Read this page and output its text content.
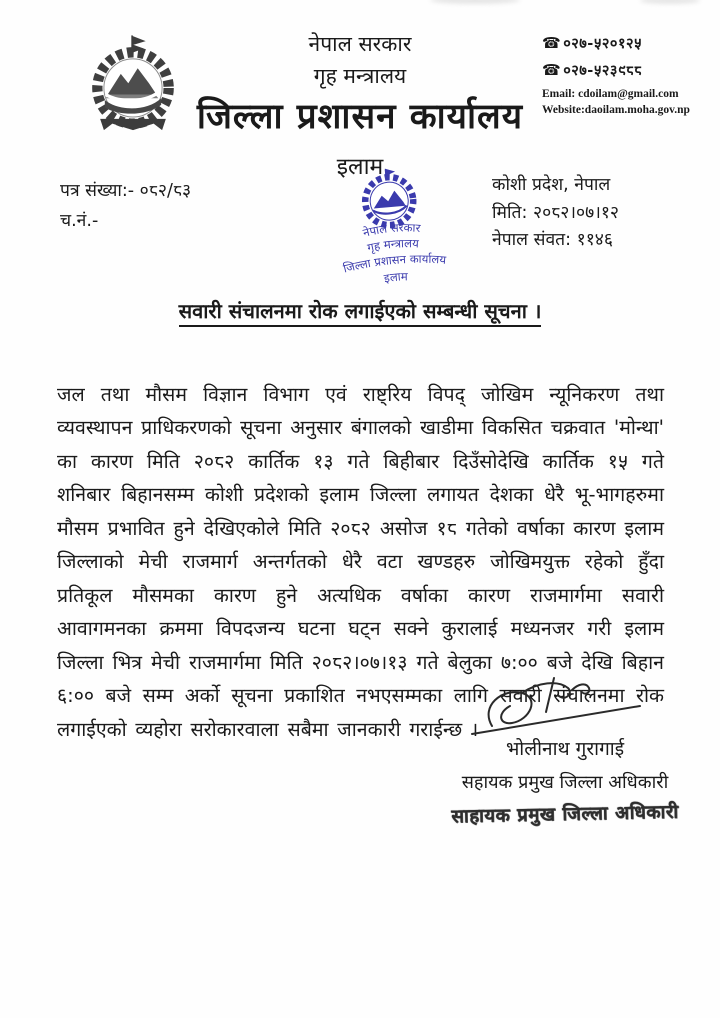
नेपाल सरकार
गृह मन्त्रालय
जिल्ला प्रशासन कार्यालय
इलाम
☎ ०२७-५२०१२५
☎ ०२७-५२३९८८
Email: cdoilam@gmail.com
Website:daoilam.moha.gov.np
पत्र संख्या:- ०८२/८३
च.नं.-
नेपाल सरकार
गृह मन्त्रालय
जिल्ला प्रशासन कार्यालय
इलाम
कोशी प्रदेश, नेपाल
मिति: २०८२।०७।१२
नेपाल संवत: ११४६
सवारी संचालनमा रोक लगाईएको सम्बन्धी सूचना ।

जल तथा मौसम विज्ञान विभाग एवं राष्ट्रिय विपद् जोखिम न्यूनिकरण तथा व्यवस्थापन प्राधिकरणको सूचना अनुसार बंगालको खाडीमा विकसित चक्रवात 'मोन्था' का कारण मिति २०८२ कार्तिक १३ गते बिहीबार दिउँसोदेखि कार्तिक १५ गते शनिबार बिहानसम्म कोशी प्रदेशको इलाम जिल्ला लगायत देशका धेरै भू-भागहरुमा मौसम प्रभावित हुने देखिएकोले मिति २०८२ असोज १८ गतेको वर्षाका कारण इलाम जिल्लाको मेची राजमार्ग अन्तर्गतको धेरै वटा खण्डहरु जोखिमयुक्त रहेको हुँदा प्रतिकूल मौसमका कारण हुने अत्यधिक वर्षाका कारण राजमार्गमा सवारी आवागमनका क्रममा विपदजन्य घटना घट्न सक्ने कुरालाई मध्यनजर गरी इलाम जिल्ला भित्र मेची राजमार्गमा मिति २०८२।०७।१३ गते बेलुका ७:०० बजे देखि बिहान ६:०० बजे सम्म अर्को सूचना प्रकाशित नभएसम्मका लागि सवारी संचालनमा रोक लगाईएको व्यहोरा सरोकारवाला सबैमा जानकारी गराईन्छ ।

भोलीनाथ गुरागाई
सहायक प्रमुख जिल्ला अधिकारी
साहायक प्रमुख जिल्ला अधिकारी
